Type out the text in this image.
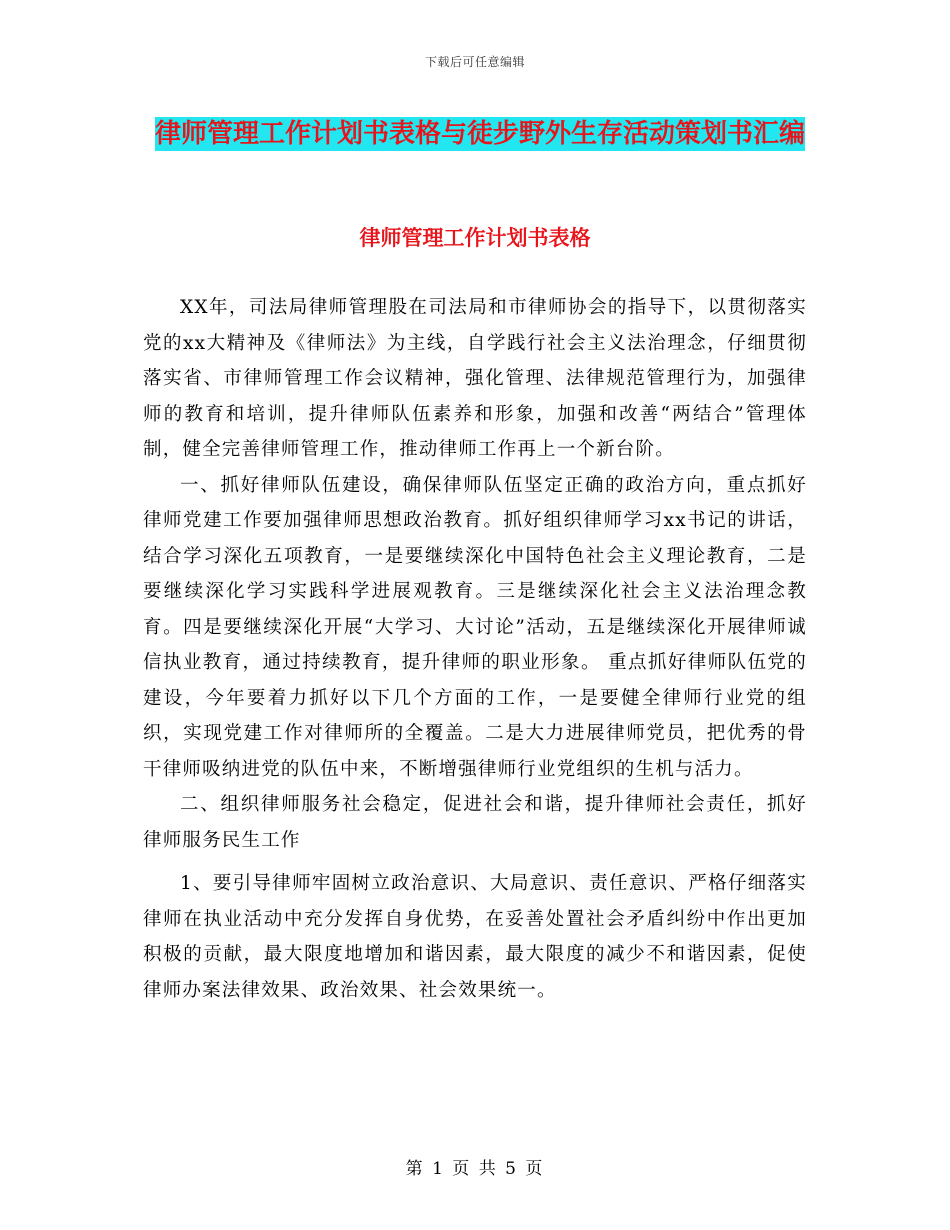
下载后可任意编辑
律师管理工作计划书表格与徒步野外生存活动策划书汇编
律师管理工作计划书表格

XX年，司法局律师管理股在司法局和市律师协会的指导下，以贯彻落实党的xx大精神及《律师法》为主线，自学践行社会主义法治理念，仔细贯彻落实省、市律师管理工作会议精神，强化管理、法律规范管理行为，加强律师的教育和培训，提升律师队伍素养和形象，加强和改善“两结合”管理体制，健全完善律师管理工作，推动律师工作再上一个新台阶。

一、抓好律师队伍建设，确保律师队伍坚定正确的政治方向，重点抓好律师党建工作要加强律师思想政治教育。抓好组织律师学习xx书记的讲话，结合学习深化五项教育，一是要继续深化中国特色社会主义理论教育，二是要继续深化学习实践科学进展观教育。三是继续深化社会主义法治理念教育。四是要继续深化开展“大学习、大讨论”活动，五是继续深化开展律师诚信执业教育，通过持续教育，提升律师的职业形象。 重点抓好律师队伍党的建设，今年要着力抓好以下几个方面的工作，一是要健全律师行业党的组织，实现党建工作对律师所的全覆盖。二是大力进展律师党员，把优秀的骨干律师吸纳进党的队伍中来，不断增强律师行业党组织的生机与活力。

二、组织律师服务社会稳定，促进社会和谐，提升律师社会责任，抓好律师服务民生工作

1、要引导律师牢固树立政治意识、大局意识、责任意识、严格仔细落实律师在执业活动中充分发挥自身优势，在妥善处置社会矛盾纠纷中作出更加积极的贡献，最大限度地增加和谐因素，最大限度的减少不和谐因素，促使律师办案法律效果、政治效果、社会效果统一。

第 1 页 共 5 页
